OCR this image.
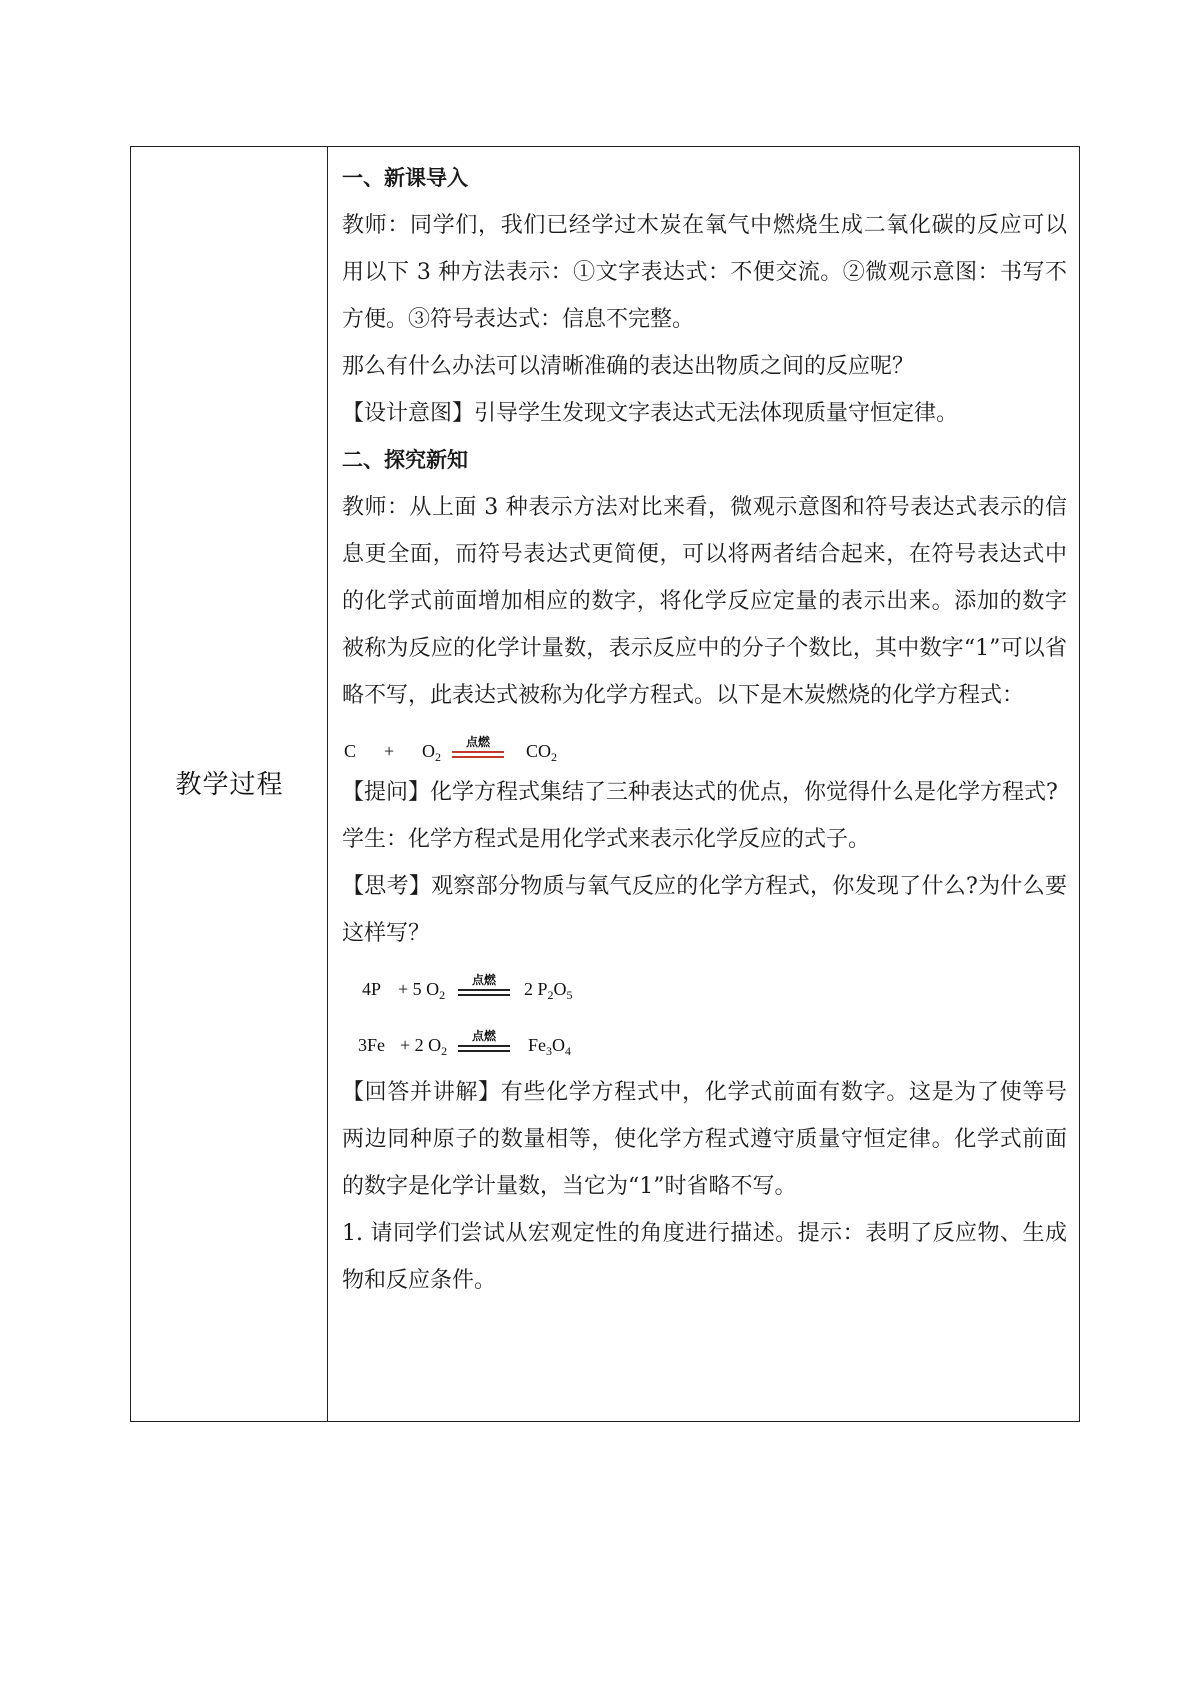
教学过程

一、新课导入

教师：同学们，我们已经学过木炭在氧气中燃烧生成二氧化碳的反应可以用以下 3 种方法表示：①文字表达式：不便交流。②微观示意图：书写不方便。③符号表达式：信息不完整。

那么有什么办法可以清晰准确的表达出物质之间的反应呢？

【设计意图】引导学生发现文字表达式无法体现质量守恒定律。

二、探究新知

教师：从上面 3 种表示方法对比来看，微观示意图和符号表达式表示的信息更全面，而符号表达式更简便，可以将两者结合起来，在符号表达式中的化学式前面增加相应的数字，将化学反应定量的表示出来。添加的数字被称为反应的化学计量数，表示反应中的分子个数比，其中数字“1”可以省略不写，此表达式被称为化学方程式。以下是木炭燃烧的化学方程式：

$C + O_2$
点燃	$CO_2$

【提问】化学方程式集结了三种表达式的优点，你觉得什么是化学方程式?

学生：化学方程式是用化学式来表示化学反应的式子。

【思考】观察部分物质与氧气反应的化学方程式，你发现了什么?为什么要这样写？

4P + 5 $O_2$
点燃	2 $P_2O_5$
3Fe + 2 $O_2$
点燃	$Fe_3O_4$

【回答并讲解】有些化学方程式中，化学式前面有数字。这是为了使等号两边同种原子的数量相等，使化学方程式遵守质量守恒定律。化学式前面的数字是化学计量数，当它为“1”时省略不写。

1. 请同学们尝试从宏观定性的角度进行描述。提示：表明了反应物、生成物和反应条件。
